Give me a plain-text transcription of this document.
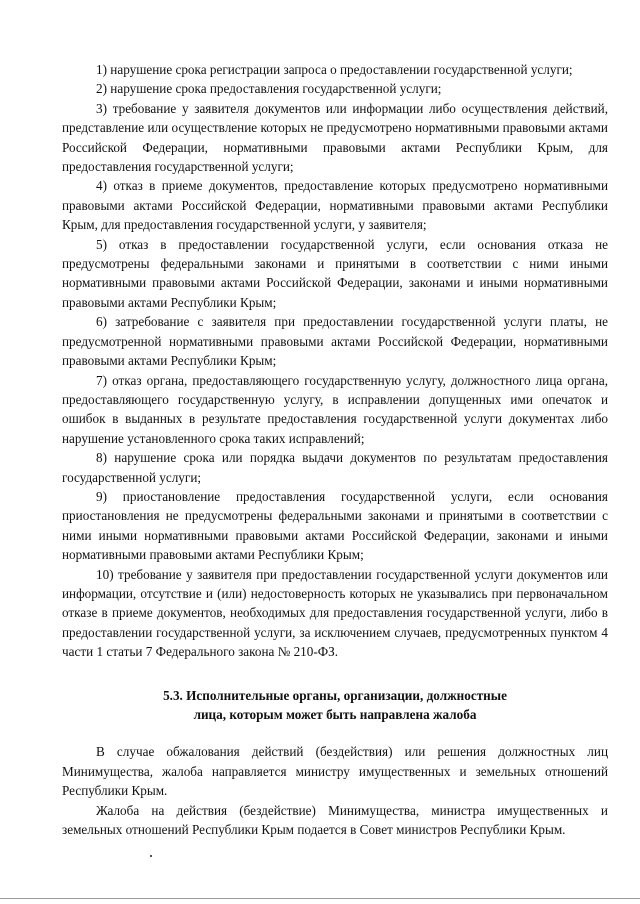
1) нарушение срока регистрации запроса о предоставлении государственной услуги;

2) нарушение срока предоставления государственной услуги;

3) требование у заявителя документов или информации либо осуществления действий, представление или осуществление которых не предусмотрено нормативными правовыми актами Российской Федерации, нормативными правовыми актами Республики Крым, для предоставления государственной услуги;

4) отказ в приеме документов, предоставление которых предусмотрено нормативными правовыми актами Российской Федерации, нормативными правовыми актами Республики Крым, для предоставления государственной услуги, у заявителя;

5) отказ в предоставлении государственной услуги, если основания отказа не предусмотрены федеральными законами и принятыми в соответствии с ними иными нормативными правовыми актами Российской Федерации, законами и иными нормативными правовыми актами Республики Крым;

6) затребование с заявителя при предоставлении государственной услуги платы, не предусмотренной нормативными правовыми актами Российской Федерации, нормативными правовыми актами Республики Крым;

7) отказ органа, предоставляющего государственную услугу, должностного лица органа, предоставляющего государственную услугу, в исправлении допущенных ими опечаток и ошибок в выданных в результате предоставления государственной услуги документах либо нарушение установленного срока таких исправлений;

8) нарушение срока или порядка выдачи документов по результатам предоставления государственной услуги;

9) приостановление предоставления государственной услуги, если основания приостановления не предусмотрены федеральными законами и принятыми в соответствии с ними иными нормативными правовыми актами Российской Федерации, законами и иными нормативными правовыми актами Республики Крым;

10) требование у заявителя при предоставлении государственной услуги документов или информации, отсутствие и (или) недостоверность которых не указывались при первоначальном отказе в приеме документов, необходимых для предоставления государственной услуги, либо в предоставлении государственной услуги, за исключением случаев, предусмотренных пунктом 4 части 1 статьи 7 Федерального закона № 210-ФЗ.

5.3. Исполнительные органы, организации, должностные
лица, которым может быть направлена жалоба

В случае обжалования действий (бездействия) или решения должностных лиц Минимущества, жалоба направляется министру имущественных и земельных отношений Республики Крым.

Жалоба на действия (бездействие) Минимущества, министра имущественных и земельных отношений Республики Крым подается в Совет министров Республики Крым.
